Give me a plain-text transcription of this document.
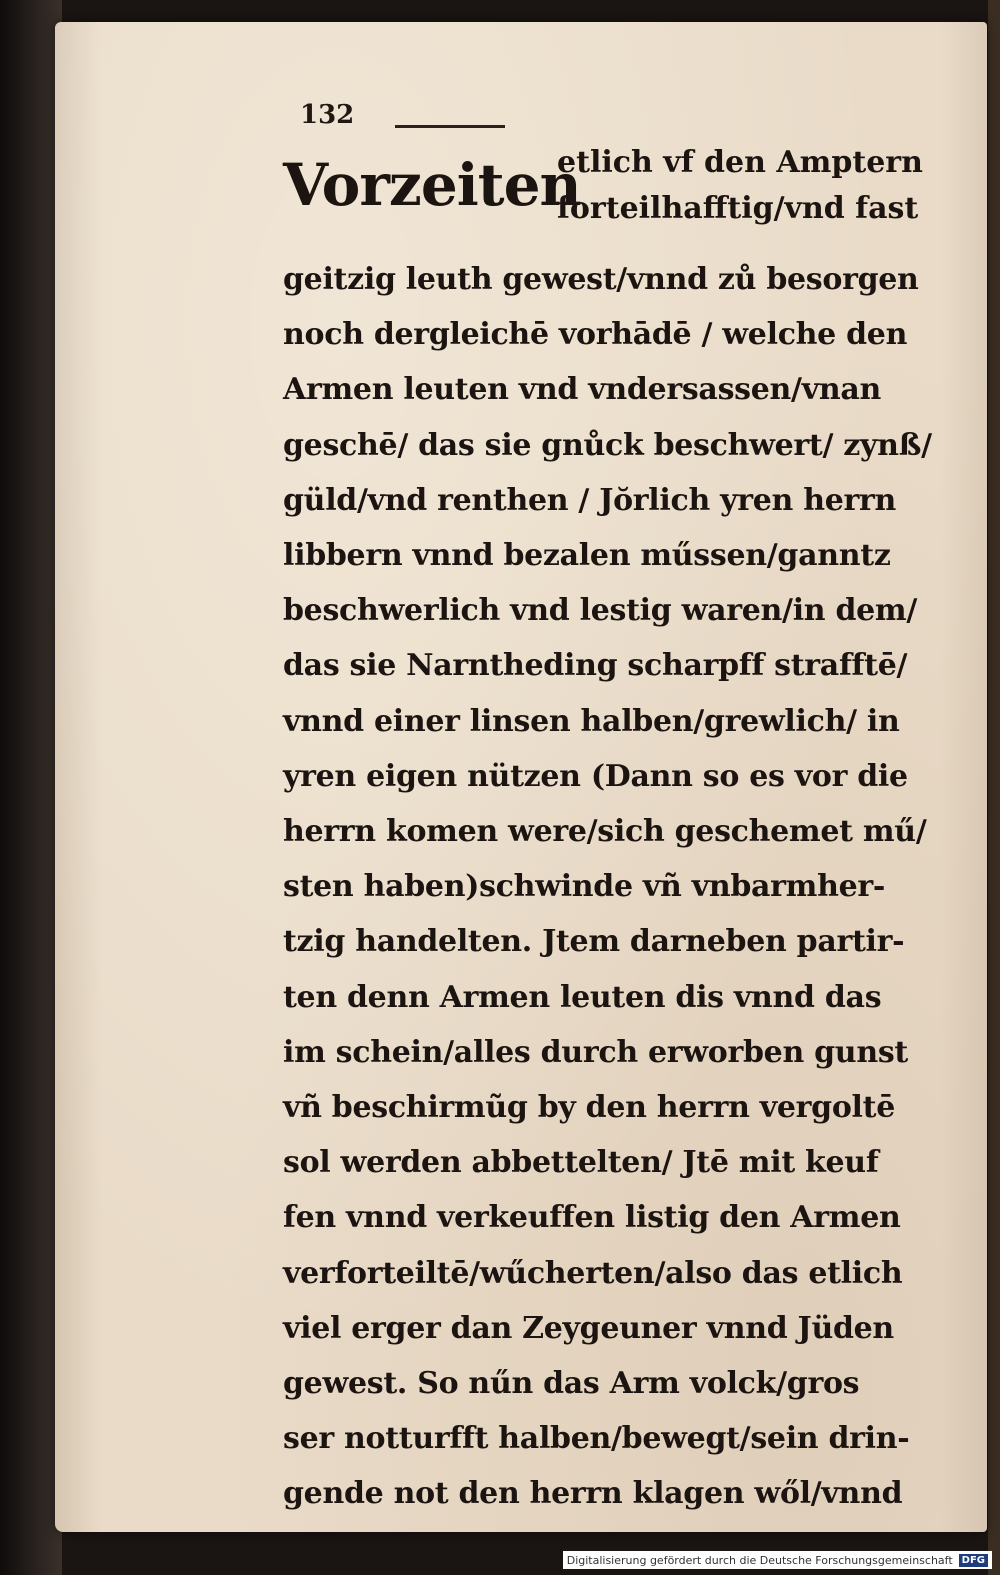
132
Vorzeiten
etlich vf den Amptern
forteilhafftig/vnd fast
geitzig leuth gewest/vnnd zů besorgen
noch dergleichē vorhādē / welche den
Armen leuten vnd vndersassen/vnan
geschē/ das sie gnůck beschwert/ zynß/
güld/vnd renthen / Jŏrlich yren herrn
libbern vnnd bezalen műssen/ganntz
beschwerlich vnd lestig waren/in dem/
das sie Narntheding scharpff strafftē/
vnnd einer linsen halben/grewlich/ in
yren eigen nützen (Dann so es vor die
herrn komen were/sich geschemet mű/
sten haben)schwinde vñ vnbarmher-
tzig handelten. Jtem darneben partir-
ten denn Armen leuten dis vnnd das
im schein/alles durch erworben gunst
vñ beschirmũg by den herrn vergoltē
sol werden abbettelten/ Jtē mit keuf
fen vnnd verkeuffen listig den Armen
verforteiltē/wűcherten/also das etlich
viel erger dan Zeygeuner vnnd Jüden
gewest. So nűn das Arm volck/gros
ser notturfft halben/bewegt/sein drin-
gende not den herrn klagen wől/vnnd
Digitalisierung gefördert durch die Deutsche Forschungsgemeinschaft DFG
